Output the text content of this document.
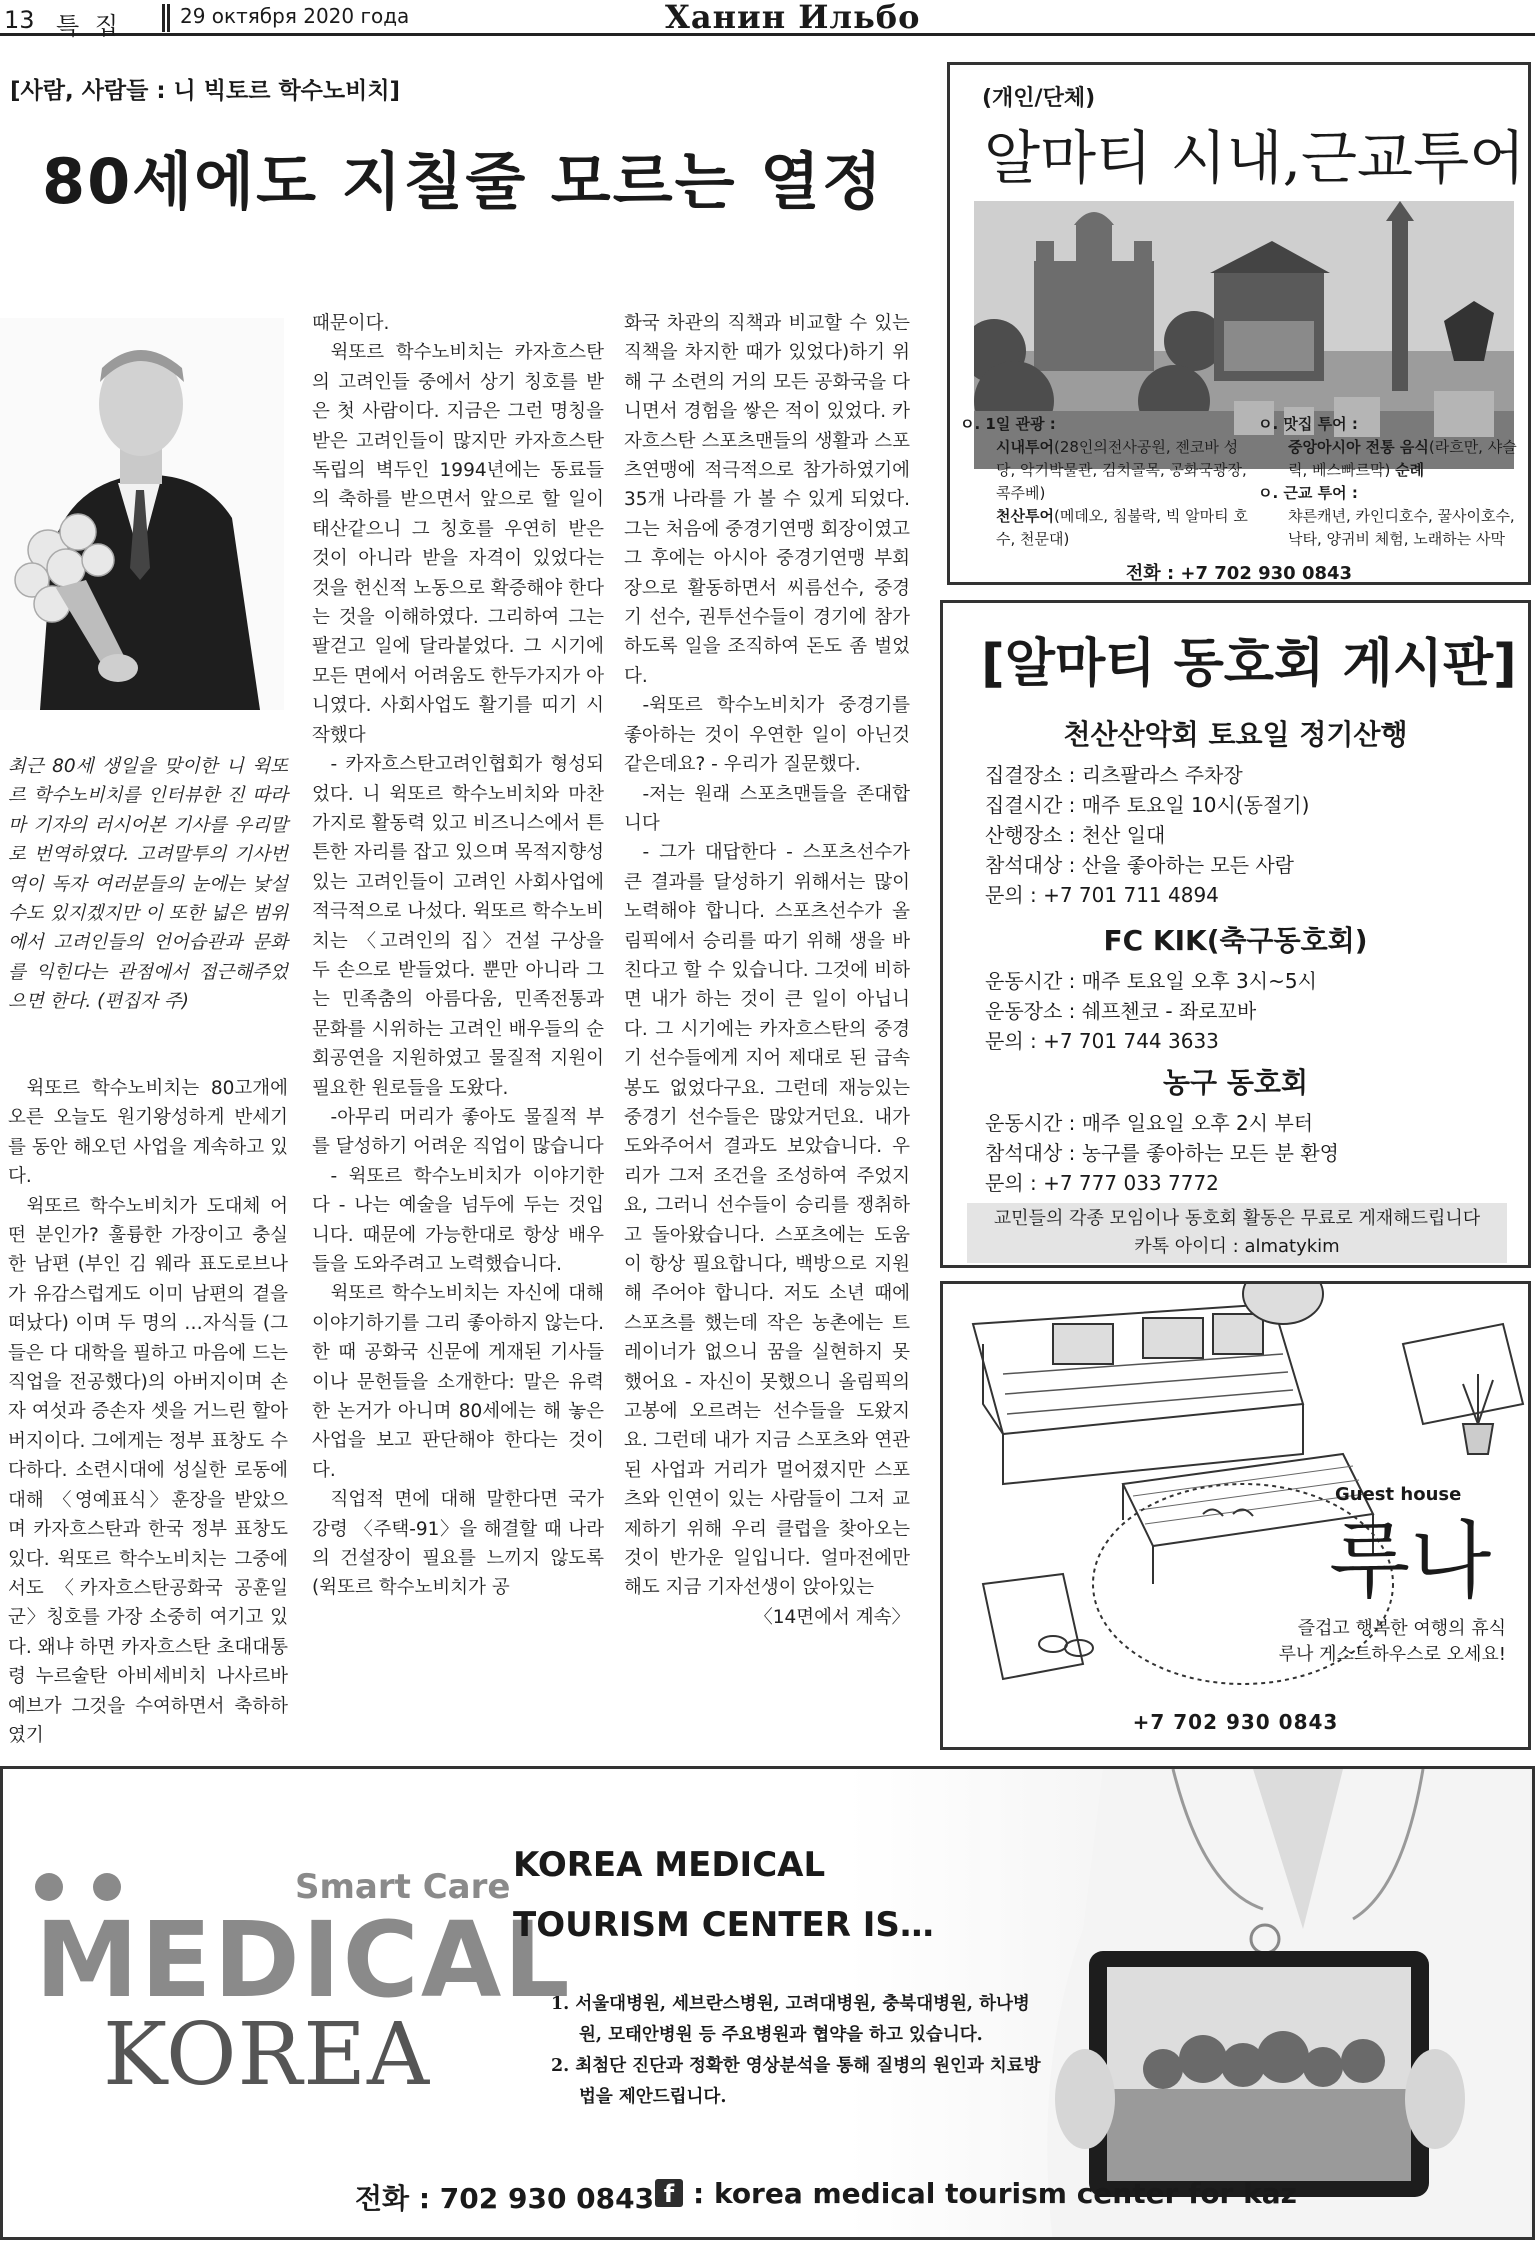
13 특 집	29 октября 2020 года	Ханин Ильбо
[사람, 사람들 : 니 빅토르 학수노비치]
80세에도 지칠줄 모르는 열정
최근 80세 생일을 맞이한 니 윅또르 학수노비치를 인터뷰한 진 따라마 기자의 러시어본 기사를 우리말로 번역하였다. 고려말투의 기사번역이 독자 여러분들의 눈에는 낯설수도 있지겠지만 이 또한 넓은 범위에서 고려인들의 언어습관과 문화를 익힌다는 관점에서 접근해주었으면 한다. (편집자 주)

윅또르 학수노비치는 80고개에 오른 오늘도 원기왕성하게 반세기를 동안 해오던 사업을 계속하고 있다.

윅또르 학수노비치가 도대체 어떤 분인가? 훌륭한 가장이고 충실한 남편 (부인 김 웨라 표도로브나가 유감스럽게도 이미 남편의 곁을 떠났다) 이며 두 명의 …자식들 (그들은 다 대학을 필하고 마음에 드는 직업을 전공했다)의 아버지이며 손자 여섯과 증손자 셋을 거느린 할아버지이다. 그에게는 정부 표창도 수다하다. 소련시대에 성실한 로동에 대해 〈영예표식〉훈장을 받았으며 카자흐스탄과 한국 정부 표창도 있다. 윅또르 학수노비치는 그중에서도 〈카자흐스탄공화국 공훈일군〉칭호를 가장 소중히 여기고 있다. 왜냐 하면 카자흐스탄 초대대통령 누르술탄 아비세비치 나사르바예브가 그것을 수여하면서 축하하였기

때문이다.

윅또르 학수노비치는 카자흐스탄의 고려인들 중에서 상기 칭호를 받은 첫 사람이다. 지금은 그런 명칭을 받은 고려인들이 많지만 카자흐스탄 독립의 벽두인 1994년에는 동료들의 축하를 받으면서 앞으로 할 일이 태산같으니 그 칭호를 우연히 받은 것이 아니라 받을 자격이 있었다는 것을 헌신적 노동으로 확증해야 한다는 것을 이해하였다. 그리하여 그는 팔걷고 일에 달라붙었다. 그 시기에 모든 면에서 어려움도 한두가지가 아니였다. 사회사업도 활기를 띠기 시작했다

- 카자흐스탄고려인협회가 형성되었다. 니 윅또르 학수노비치와 마찬가지로 활동력 있고 비즈니스에서 튼튼한 자리를 잡고 있으며 목적지향성 있는 고려인들이 고려인 사회사업에 적극적으로 나섰다. 윅또르 학수노비치는 〈고려인의 집〉건설 구상을 두 손으로 받들었다. 뿐만 아니라 그는 민족춤의 아름다움, 민족전통과 문화를 시위하는 고려인 배우들의 순회공연을 지원하였고 물질적 지원이 필요한 원로들을 도왔다.

-아무리 머리가 좋아도 물질적 부를 달성하기 어려운 직업이 많습니다

- 윅또르 학수노비치가 이야기한다 - 나는 예술을 넘두에 두는 것입니다. 때문에 가능한대로 항상 배우들을 도와주려고 노력했습니다.

윅또르 학수노비치는 자신에 대해 이야기하기를 그리 좋아하지 않는다. 한 때 공화국 신문에 게재된 기사들이나 문헌들을 소개한다: 말은 유력한 논거가 아니며 80세에는 해 놓은 사업을 보고 판단해야 한다는 것이다.

직업적 면에 대해 말한다면 국가강령 〈주택-91〉을 해결할 때 나라의 건설장이 필요를 느끼지 않도록 (윅또르 학수노비치가 공

화국 차관의 직책과 비교할 수 있는 직책을 차지한 때가 있었다)하기 위해 구 소련의 거의 모든 공화국을 다니면서 경험을 쌓은 적이 있었다. 카자흐스탄 스포츠맨들의 생활과 스포츠연맹에 적극적으로 참가하였기에 35개 나라를 가 볼 수 있게 되었다. 그는 처음에 중경기연맹 회장이였고 그 후에는 아시아 중경기연맹 부회장으로 활동하면서 씨름선수, 중경기 선수, 권투선수들이 경기에 참가하도록 일을 조직하여 돈도 좀 벌었다.

-윅또르 학수노비치가 중경기를 좋아하는 것이 우연한 일이 아닌것 같은데요? - 우리가 질문했다.

-저는 원래 스포츠맨들을 존대합니다

- 그가 대답한다 - 스포츠선수가 큰 결과를 달성하기 위해서는 많이 노력해야 합니다. 스포츠선수가 올림픽에서 승리를 따기 위해 생을 바친다고 할 수 있습니다. 그것에 비하면 내가 하는 것이 큰 일이 아닙니다. 그 시기에는 카자흐스탄의 중경기 선수들에게 지어 제대로 된 급속봉도 없었다구요. 그런데 재능있는 중경기 선수들은 많았거던요. 내가 도와주어서 결과도 보았습니다. 우리가 그저 조건을 조성하여 주었지요, 그러니 선수들이 승리를 쟁취하고 돌아왔습니다. 스포츠에는 도움이 항상 필요합니다, 백방으로 지원해 주어야 합니다. 저도 소년 때에 스포츠를 했는데 작은 농촌에는 트레이너가 없으니 꿈을 실현하지 못했어요 - 자신이 못했으니 올림픽의 고봉에 오르려는 선수들을 도왔지요. 그런데 내가 지금 스포츠와 연관된 사업과 거리가 멀어졌지만 스포츠와 인연이 있는 사람들이 그저 교제하기 위해 우리 클럽을 찾아오는 것이 반가운 일입니다. 얼마전에만 해도 지금 기자선생이 앉아있는

〈14면에서 계속〉

(개인/단체)
알마티 시내,근교투어
ㅇ. 1일 관광 :
시내투어(28인의전사공원, 젠코바 성당, 악기박물관, 김치골목, 공화국광장, 콕주베)
천산투어(메데오, 침불락, 빅 알마티 호수, 천문대)
ㅇ. 맛집 투어 :
중앙아시아 전통 음식(라흐만, 샤슬릭, 베스빠르막) 순례
ㅇ. 근교 투어 :
챠른캐년, 카인디호수, 꿀사이호수, 낙타, 양귀비 체험, 노래하는 사막
전화 : +7 702 930 0843
[알마티 동호회 게시판]
천산산악회 토요일 정기산행
집결장소 : 리츠팔라스 주차장
집결시간 : 매주 토요일 10시(동절기)
산행장소 : 천산 일대
참석대상 : 산을 좋아하는 모든 사람
문의 : +7 701 711 4894
FC KIK(축구동호회)
운동시간 : 매주 토요일 오후 3시~5시
운동장소 : 쉐프첸코 - 좌로꼬바
문의 : +7 701 744 3633
농구 동호회
운동시간 : 매주 일요일 오후 2시 부터
참석대상 : 농구를 좋아하는 모든 분 환영
문의 : +7 777 033 7772
교민들의 각종 모임이나 동호회 활동은 무료로 게재해드립니다
카톡 아이디 : almatykim
Guest house
루나
즐겁고 행복한 여행의 휴식
루나 게스트하우스로 오세요!
+7 702 930 0843
Smart Care
MEDICAL
KOREA
KOREA MEDICAL
TOURISM CENTER IS…
1. 서울대병원, 세브란스병원, 고려대병원, 충북대병원, 하나병원, 모태안병원 등 주요병원과 협약을 하고 있습니다.
2. 최첨단 진단과 정확한 영상분석을 통해 질병의 원인과 치료방법을 제안드립니다.
전화 : 702 930 0843 f : korea medical tourism center for kaz
